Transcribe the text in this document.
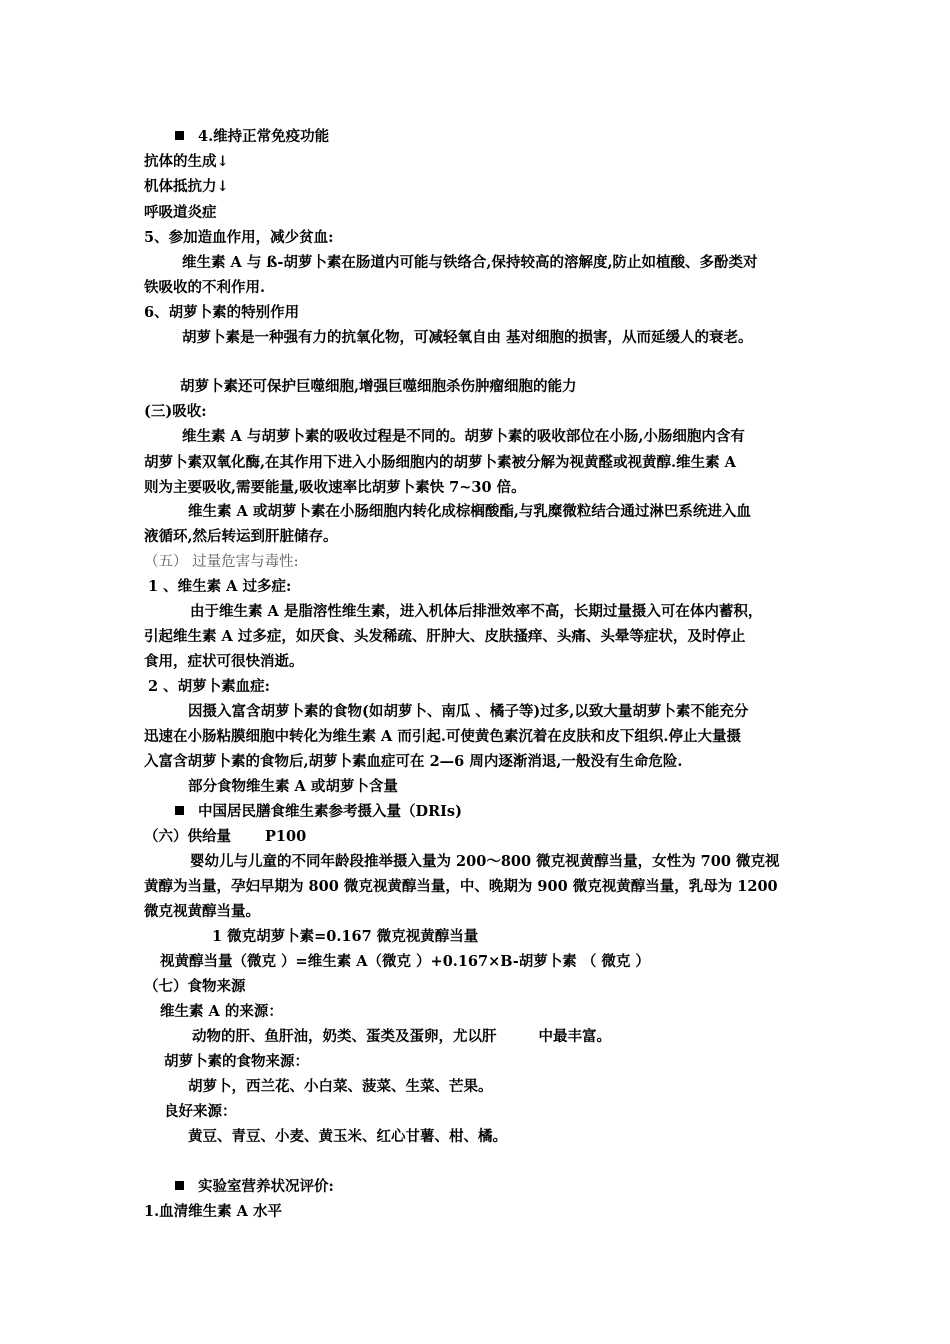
4.维持正常免疫功能
抗体的生成↓
机体抵抗力↓
呼吸道炎症
5、参加造血作用，减少贫血:
维生素 A 与 ß-胡萝卜素在肠道内可能与铁络合,保持较高的溶解度,防止如植酸、多酚类对
铁吸收的不利作用.
6、胡萝卜素的特别作用
胡萝卜素是一种强有力的抗氧化物，可减轻氧自由 基对细胞的损害，从而延缓人的衰老。
胡萝卜素还可保护巨噬细胞,增强巨噬细胞杀伤肿瘤细胞的能力
(三)吸收:
维生素 A 与胡萝卜素的吸收过程是不同的。胡萝卜素的吸收部位在小肠,小肠细胞内含有
胡萝卜素双氧化酶,在其作用下进入小肠细胞内的胡萝卜素被分解为视黄醛或视黄醇.维生素 A
则为主要吸收,需要能量,吸收速率比胡萝卜素快 7~30 倍。
维生素 A 或胡萝卜素在小肠细胞内转化成棕榈酸酯,与乳糜微粒结合通过淋巴系统进入血
液循环,然后转运到肝脏储存。
（五） 过量危害与毒性:
1 、维生素 A 过多症:
由于维生素 A 是脂溶性维生素，进入机体后排泄效率不高，长期过量摄入可在体内蓄积，
引起维生素 A 过多症，如厌食、头发稀疏、肝肿大、皮肤搔痒、头痛、头晕等症状，及时停止
食用，症状可很快消逝。
2 、胡萝卜素血症:
因摄入富含胡萝卜素的食物(如胡萝卜、南瓜 、橘子等)过多,以致大量胡萝卜素不能充分
迅速在小肠粘膜细胞中转化为维生素 A 而引起.可使黄色素沉着在皮肤和皮下组织.停止大量摄
入富含胡萝卜素的食物后,胡萝卜素血症可在 2—6 周内逐渐消退,一般没有生命危险.
部分食物维生素 A 或胡萝卜含量
中国居民膳食维生素参考摄入量（DRIs)
（六）供给量 P100
婴幼儿与儿童的不同年龄段推举摄入量为 200～800 微克视黄醇当量，女性为 700 微克视
黄醇为当量，孕妇早期为 800 微克视黄醇当量，中、晚期为 900 微克视黄醇当量，乳母为 1200
微克视黄醇当量。
1 微克胡萝卜素=0.167 微克视黄醇当量
视黄醇当量（微克 ）=维生素 A（微克 ）+0.167×B-胡萝卜素 （ 微克 ）
（七）食物来源
维生素 A 的来源：
动物的肝、鱼肝油，奶类、蛋类及蛋卵，尤以肝	中最丰富。
胡萝卜素的食物来源：
胡萝卜，西兰花、小白菜、菠菜、生菜、芒果。
良好来源：
黄豆、青豆、小麦、黄玉米、红心甘薯、柑、橘。
实验室营养状况评价:
1.血清维生素 A 水平
